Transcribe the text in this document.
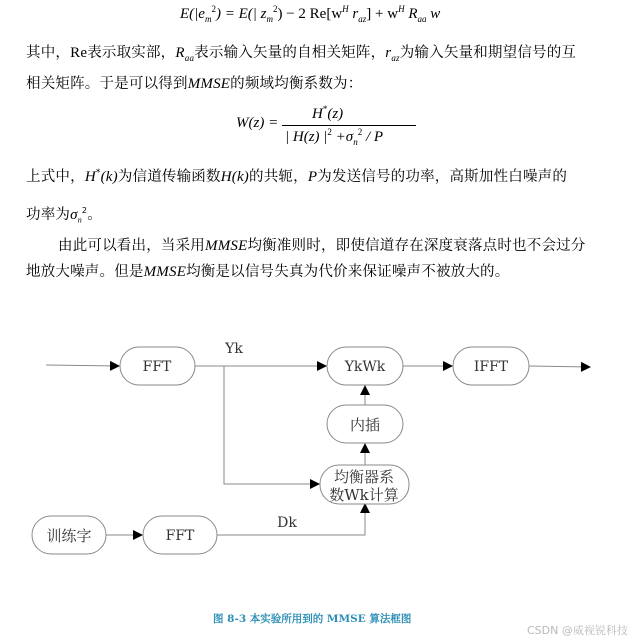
$E(|e_m^2) = E(|$ $z_m^2) - 2$ $Re[w^H$ $r_{az}] + w^H$ $R_{aa}$ w
其中，Re表示取实部，$R_{aa}$表示输入矢量的自相关矩阵，$r_{az}$为输入矢量和期望信号的互
相关矩阵。于是可以得到MMSE的频域均衡系数为：
W(z) =
H*(z)
| H(z) $|^2 +\sigma_n^2 / P$
上式中，H*(k)为信道传输函数H(k)的共轭，P为发送信号的功率，高斯加性白噪声的
功率为$\sigma_n^2$。
由此可以看出，当采用MMSE均衡准则时，即使信道存在深度衰落点时也不会过分
地放大噪声。但是MMSE均衡是以信号失真为代价来保证噪声不被放大的。
FFT	YkWk	IFFT
内插
均衡器系
数Wk计算
训练字	FFT
Yk
Dk
图 8-3 本实验所用到的 MMSE 算法框图
CSDN @威视锐科技
